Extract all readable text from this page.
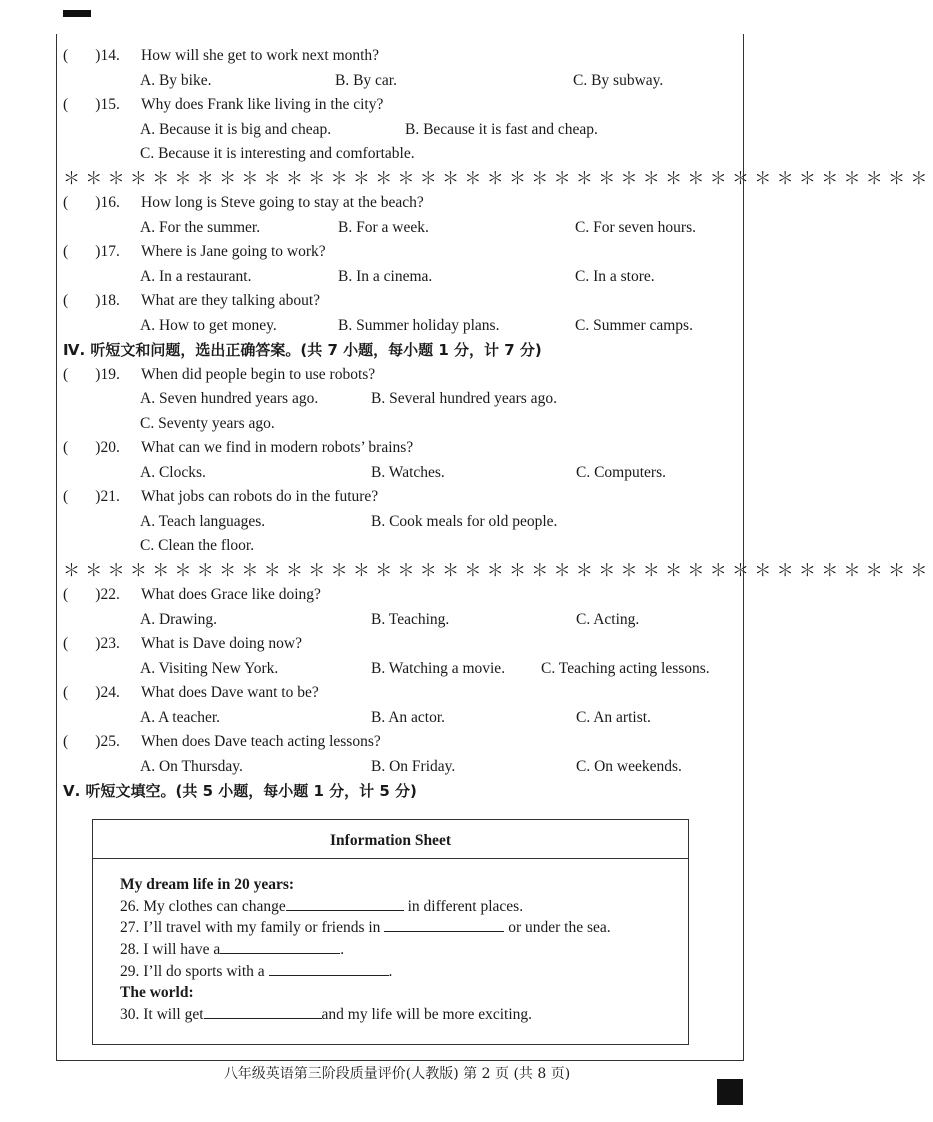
(       )14.	How will she get to work next month?
A. By bike.	B. By car.	C. By subway.
(       )15.	Why does Frank like living in the city?
A. Because it is big and cheap.	B. Because it is fast and cheap.
C. Because it is interesting and comfortable.
＊＊＊＊＊＊＊＊＊＊＊＊＊＊＊＊＊＊＊＊＊＊＊＊＊＊＊＊＊＊＊＊＊＊＊＊＊＊＊
(       )16.	How long is Steve going to stay at the beach?
A. For the summer.	B. For a week.	C. For seven hours.
(       )17.	Where is Jane going to work?
A. In a restaurant.	B. In a cinema.	C. In a store.
(       )18.	What are they talking about?
A. How to get money.	B. Summer holiday plans.	C. Summer camps.
Ⅳ. 听短文和问题，选出正确答案。(共 7 小题，每小题 1 分，计 7 分)
(       )19.	When did people begin to use robots?
A. Seven hundred years ago.	B. Several hundred years ago.
C. Seventy years ago.
(       )20.	What can we find in modern robots’ brains?
A. Clocks.	B. Watches.	C. Computers.
(       )21.	What jobs can robots do in the future?
A. Teach languages.	B. Cook meals for old people.
C. Clean the floor.
＊＊＊＊＊＊＊＊＊＊＊＊＊＊＊＊＊＊＊＊＊＊＊＊＊＊＊＊＊＊＊＊＊＊＊＊＊＊＊
(       )22.	What does Grace like doing?
A. Drawing.	B. Teaching.	C. Acting.
(       )23.	What is Dave doing now?
A. Visiting New York.	B. Watching a movie.	C. Teaching acting lessons.
(       )24.	What does Dave want to be?
A. A teacher.	B. An actor.	C. An artist.
(       )25.	When does Dave teach acting lessons?
A. On Thursday.	B. On Friday.	C. On weekends.
Ⅴ. 听短文填空。(共 5 小题，每小题 1 分，计 5 分)
Information Sheet
My dream life in 20 years:
26. My clothes can change	in different places.
27. I’ll travel with my family or friends in	or under the sea.
28. I will have a	.
29. I’ll do sports with a	.
The world:
30. It will get	and my life will be more exciting.
八年级英语第三阶段质量评价(人教版) 第 2 页 (共 8 页)
